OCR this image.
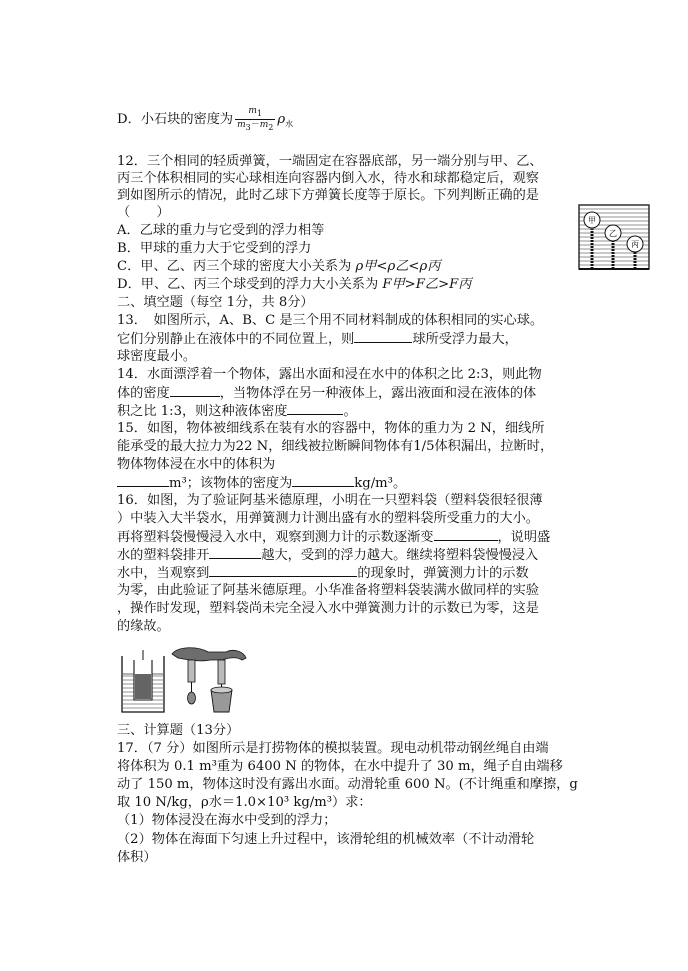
D．小石块的密度为 $\frac{m1}{m3-m2} \rho_水$
12．三个相同的轻质弹簧，一端固定在容器底部，另一端分别与甲、乙、
丙三个体积相同的实心球相连向容器内倒入水，待水和球都稳定后，观察
到如图所示的情况，此时乙球下方弹簧长度等于原长。下列判断正确的是
（　　）
A．乙球的重力与它受到的浮力相等
B．甲球的重力大于它受到的浮力
C．甲、乙、丙三个球的密度大小关系为 ρ甲<ρ乙<ρ丙
D．甲、乙、丙三个球受到的浮力大小关系为 F甲>F乙>F丙
甲
乙
丙
二、填空题（每空 1分，共 8分）
13．　如图所示，A、B、C 是三个用不同材料制成的体积相同的实心球。
它们分别静止在液体中的不同位置上，则	球所受浮力最大，
球密度最小。
14．水面漂浮着一个物体，露出水面和浸在水中的体积之比 2:3，则此物
体的密度	，当物体浮在另一种液体上，露出液面和浸在液体的体
积之比 1:3，则这种液体密度	。
15．如图，物体被细线系在装有水的容器中，物体的重力为 2 N，细线所
能承受的最大拉力为22 N，细线被拉断瞬间物体有1/5体积漏出，拉断时，
物体物体浸在水中的体积为
m³；该物体的密度为	kg/m³。
16．如图，为了验证阿基米德原理，小明在一只塑料袋（塑料袋很轻很薄
）中装入大半袋水，用弹簧测力计测出盛有水的塑料袋所受重力的大小。
再将塑料袋慢慢浸入水中，观察到测力计的示数逐渐变	，说明盛
水的塑料袋排开	越大，受到的浮力越大。继续将塑料袋慢慢浸入
水中，当观察到	的现象时，弹簧测力计的示数
为零，由此验证了阿基米德原理。小华准备将塑料袋装满水做同样的实验
，操作时发现，塑料袋尚未完全浸入水中弹簧测力计的示数已为零，这是
的缘故。
三、计算题（13分）
17．（7 分）如图所示是打捞物体的模拟装置。现电动机带动钢丝绳自由端
将体积为 0.1 m³重为 6400 N 的物体，在水中提升了 30 m，绳子自由端移
动了 150 m，物体这时没有露出水面。动滑轮重 600 N。(不计绳重和摩擦，g
取 10 N/kg，ρ水＝1.0×10³ kg/m³）求：
（1）物体浸没在海水中受到的浮力；
（2）物体在海面下匀速上升过程中，该滑轮组的机械效率（不计动滑轮
体积）
